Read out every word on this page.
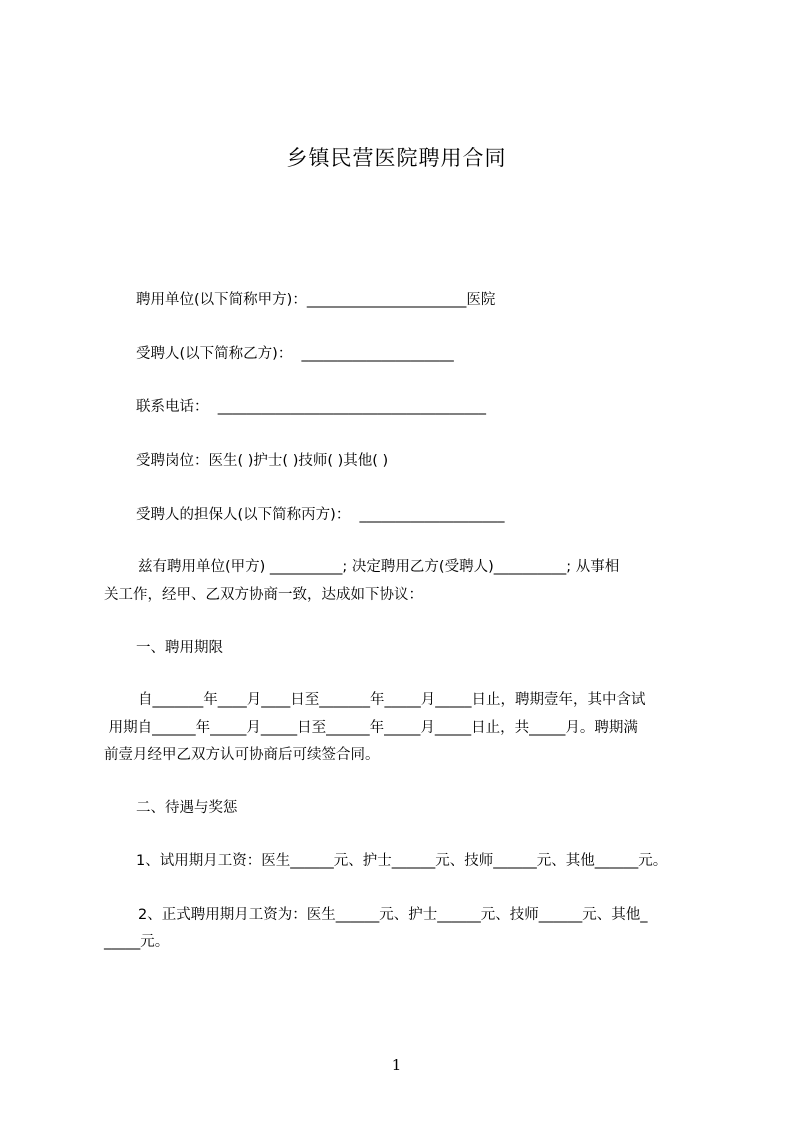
乡镇民营医院聘用合同
聘用单位(以下简称甲方)：______________________医院
受聘人(以下简称乙方)：  _____________________
联系电话：  _____________________________________
受聘岗位：医生( )护士( )技师( )其他( )
受聘人的担保人(以下简称丙方)：  ____________________
兹有聘用单位(甲方) __________; 决定聘用乙方(受聘人)__________; 从事相
关工作，经甲、乙双方协商一致，达成如下协议：
一、聘用期限
自_______年____月____日至_______年_____月_____日止，聘期壹年，其中含试
用期自______年_____月_____日至______年_____月_____日止，共_____月。聘期满
前壹月经甲乙双方认可协商后可续签合同。
二、待遇与奖惩
1、试用期月工资：医生______元、护士______元、技师______元、其他______元。
2、正式聘用期月工资为：医生______元、护士______元、技师______元、其他_
_____元。
1
